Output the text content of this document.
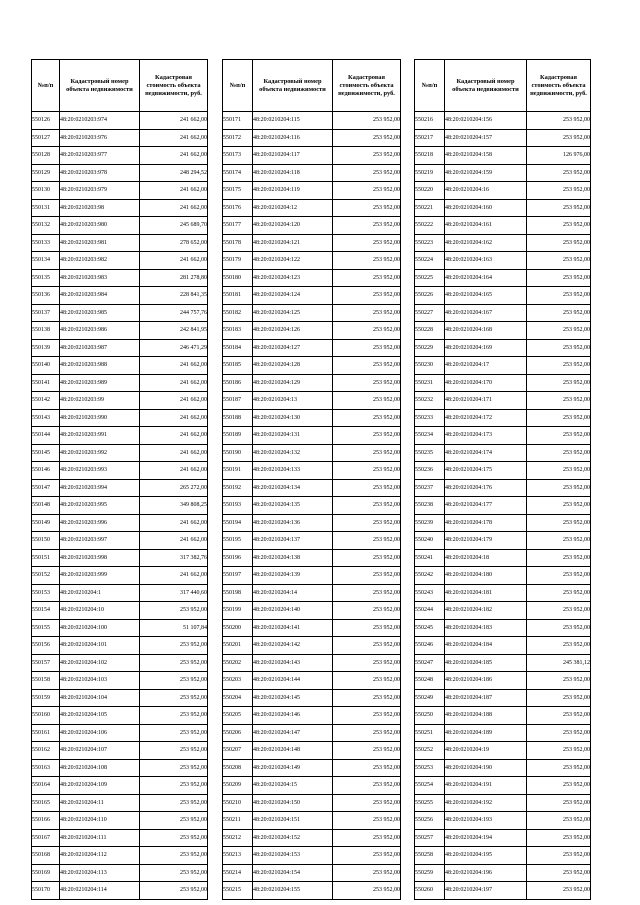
№п/п	Кадастровый номер объекта недвижимости	Кадастровая стоимость объекта недвижимости, руб.
550126	48:20:0210203:974	241 662,00
550127	48:20:0210203:976	241 662,00
550128	48:20:0210203:977	241 662,00
550129	48:20:0210203:978	248 294,52
550130	48:20:0210203:979	241 662,00
550131	48:20:0210203:98	241 662,00
550132	48:20:0210203:980	245 689,70
550133	48:20:0210203:981	278 652,00
550134	48:20:0210203:982	241 662,00
550135	48:20:0210203:983	281 278,80
550136	48:20:0210203:984	228 841,35
550137	48:20:0210203:985	244 757,76
550138	48:20:0210203:986	242 841,95
550139	48:20:0210203:987	246 471,29
550140	48:20:0210203:988	241 662,00
550141	48:20:0210203:989	241 662,00
550142	48:20:0210203:99	241 662,00
550143	48:20:0210203:990	241 662,00
550144	48:20:0210203:991	241 662,00
550145	48:20:0210203:992	241 662,00
550146	48:20:0210203:993	241 662,00
550147	48:20:0210203:994	265 272,00
550148	48:20:0210203:995	349 808,25
550149	48:20:0210203:996	241 662,00
550150	48:20:0210203:997	241 662,00
550151	48:20:0210203:998	317 382,76
550152	48:20:0210203:999	241 662,00
550153	48:20:0210204:1	317 440,60
550154	48:20:0210204:10	253 952,00
550155	48:20:0210204:100	51 107,84
550156	48:20:0210204:101	253 952,00
550157	48:20:0210204:102	253 952,00
550158	48:20:0210204:103	253 952,00
550159	48:20:0210204:104	253 952,00
550160	48:20:0210204:105	253 952,00
550161	48:20:0210204:106	253 952,00
550162	48:20:0210204:107	253 952,00
550163	48:20:0210204:108	253 952,00
550164	48:20:0210204:109	253 952,00
550165	48:20:0210204:11	253 952,00
550166	48:20:0210204:110	253 952,00
550167	48:20:0210204:111	253 952,00
550168	48:20:0210204:112	253 952,00
550169	48:20:0210204:113	253 952,00
550170	48:20:0210204:114	253 952,00
№п/п	Кадастровый номер объекта недвижимости	Кадастровая стоимость объекта недвижимости, руб.
550171	48:20:0210204:115	253 952,00
550172	48:20:0210204:116	253 952,00
550173	48:20:0210204:117	253 952,00
550174	48:20:0210204:118	253 952,00
550175	48:20:0210204:119	253 952,00
550176	48:20:0210204:12	253 952,00
550177	48:20:0210204:120	253 952,00
550178	48:20:0210204:121	253 952,00
550179	48:20:0210204:122	253 952,00
550180	48:20:0210204:123	253 952,00
550181	48:20:0210204:124	253 952,00
550182	48:20:0210204:125	253 952,00
550183	48:20:0210204:126	253 952,00
550184	48:20:0210204:127	253 952,00
550185	48:20:0210204:128	253 952,00
550186	48:20:0210204:129	253 952,00
550187	48:20:0210204:13	253 952,00
550188	48:20:0210204:130	253 952,00
550189	48:20:0210204:131	253 952,00
550190	48:20:0210204:132	253 952,00
550191	48:20:0210204:133	253 952,00
550192	48:20:0210204:134	253 952,00
550193	48:20:0210204:135	253 952,00
550194	48:20:0210204:136	253 952,00
550195	48:20:0210204:137	253 952,00
550196	48:20:0210204:138	253 952,00
550197	48:20:0210204:139	253 952,00
550198	48:20:0210204:14	253 952,00
550199	48:20:0210204:140	253 952,00
550200	48:20:0210204:141	253 952,00
550201	48:20:0210204:142	253 952,00
550202	48:20:0210204:143	253 952,00
550203	48:20:0210204:144	253 952,00
550204	48:20:0210204:145	253 952,00
550205	48:20:0210204:146	253 952,00
550206	48:20:0210204:147	253 952,00
550207	48:20:0210204:148	253 952,00
550208	48:20:0210204:149	253 952,00
550209	48:20:0210204:15	253 952,00
550210	48:20:0210204:150	253 952,00
550211	48:20:0210204:151	253 952,00
550212	48:20:0210204:152	253 952,00
550213	48:20:0210204:153	253 952,00
550214	48:20:0210204:154	253 952,00
550215	48:20:0210204:155	253 952,00
№п/п	Кадастровый номер объекта недвижимости	Кадастровая стоимость объекта недвижимости, руб.
550216	48:20:0210204:156	253 952,00
550217	48:20:0210204:157	253 952,00
550218	48:20:0210204:158	126 976,00
550219	48:20:0210204:159	253 952,00
550220	48:20:0210204:16	253 952,00
550221	48:20:0210204:160	253 952,00
550222	48:20:0210204:161	253 952,00
550223	48:20:0210204:162	253 952,00
550224	48:20:0210204:163	253 952,00
550225	48:20:0210204:164	253 952,00
550226	48:20:0210204:165	253 952,00
550227	48:20:0210204:167	253 952,00
550228	48:20:0210204:168	253 952,00
550229	48:20:0210204:169	253 952,00
550230	48:20:0210204:17	253 952,00
550231	48:20:0210204:170	253 952,00
550232	48:20:0210204:171	253 952,00
550233	48:20:0210204:172	253 952,00
550234	48:20:0210204:173	253 952,00
550235	48:20:0210204:174	253 952,00
550236	48:20:0210204:175	253 952,00
550237	48:20:0210204:176	253 952,00
550238	48:20:0210204:177	253 952,00
550239	48:20:0210204:178	253 952,00
550240	48:20:0210204:179	253 952,00
550241	48:20:0210204:18	253 952,00
550242	48:20:0210204:180	253 952,00
550243	48:20:0210204:181	253 952,00
550244	48:20:0210204:182	253 952,00
550245	48:20:0210204:183	253 952,00
550246	48:20:0210204:184	253 952,00
550247	48:20:0210204:185	245 381,12
550248	48:20:0210204:186	253 952,00
550249	48:20:0210204:187	253 952,00
550250	48:20:0210204:188	253 952,00
550251	48:20:0210204:189	253 952,00
550252	48:20:0210204:19	253 952,00
550253	48:20:0210204:190	253 952,00
550254	48:20:0210204:191	253 952,00
550255	48:20:0210204:192	253 952,00
550256	48:20:0210204:193	253 952,00
550257	48:20:0210204:194	253 952,00
550258	48:20:0210204:195	253 952,00
550259	48:20:0210204:196	253 952,00
550260	48:20:0210204:197	253 952,00
